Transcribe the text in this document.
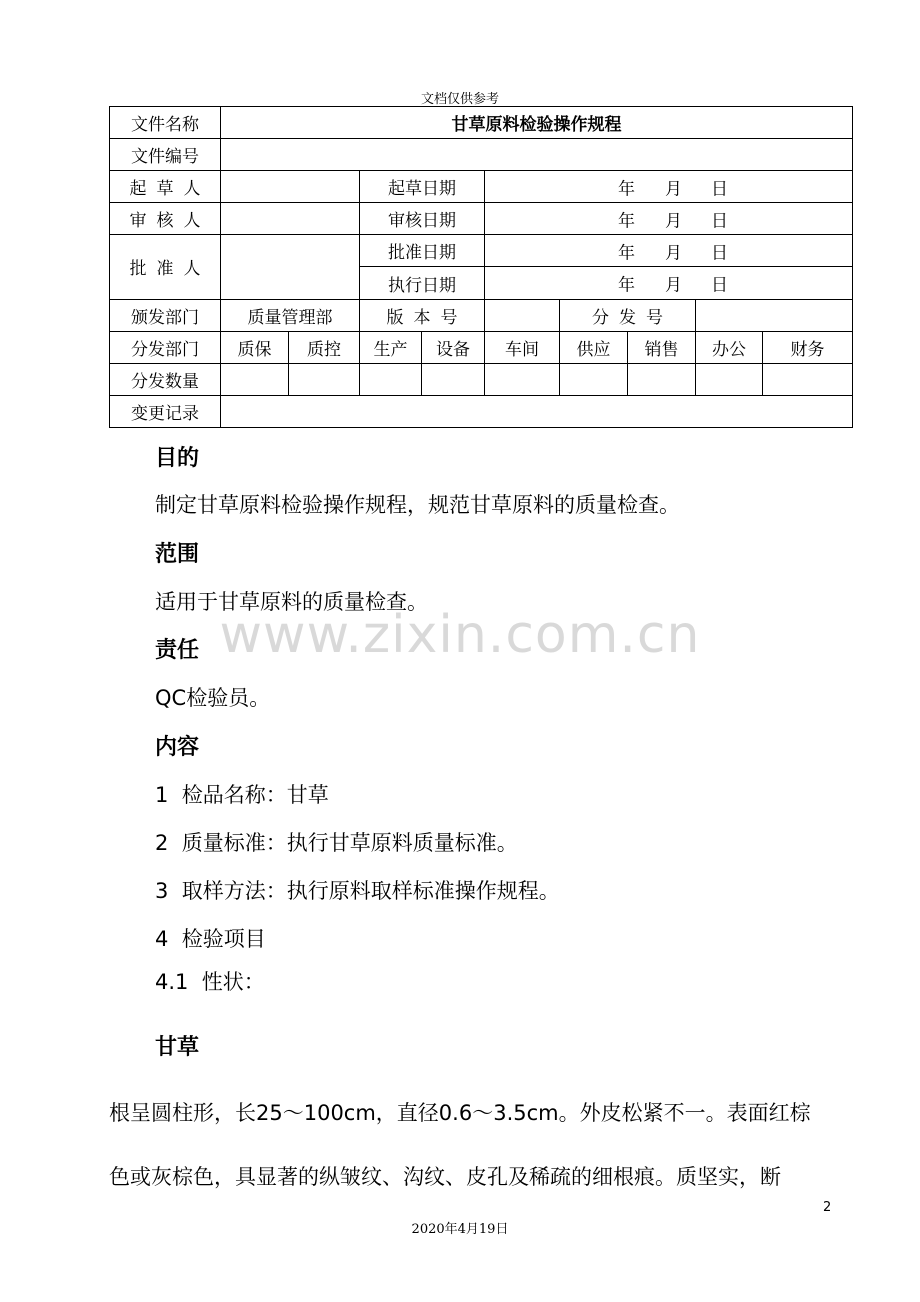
文档仅供参考
文件名称	甘草原料检验操作规程								
文件编号									
起 草 人			起草日期		年 月 日				

审 核 人			审核日期		年 月 日				

批 准 人			批准日期		年 月 日				

			执行日期		年 月 日				

颁发部门	质量管理部		版 本 号			分 发 号			
分发部门	质保	质控	生产	设备	车间	供应	销售	办公	财务
分发数量									
变更记录									
www.zixin.com.cn
目的
制定甘草原料检验操作规程，规范甘草原料的质量检查。
范围
适用于甘草原料的质量检查。
责任
QC检验员。
内容
1  检品名称：甘草
2  质量标准：执行甘草原料质量标准。
3  取样方法：执行原料取样标准操作规程。
4  检验项目
4.1  性状：
甘草
根呈圆柱形，长25～100cm，直径0.6～3.5cm。外皮松紧不一。表面红棕
色或灰棕色，具显著的纵皱纹、沟纹、皮孔及稀疏的细根痕。质坚实，断
2
2020年4月19日
